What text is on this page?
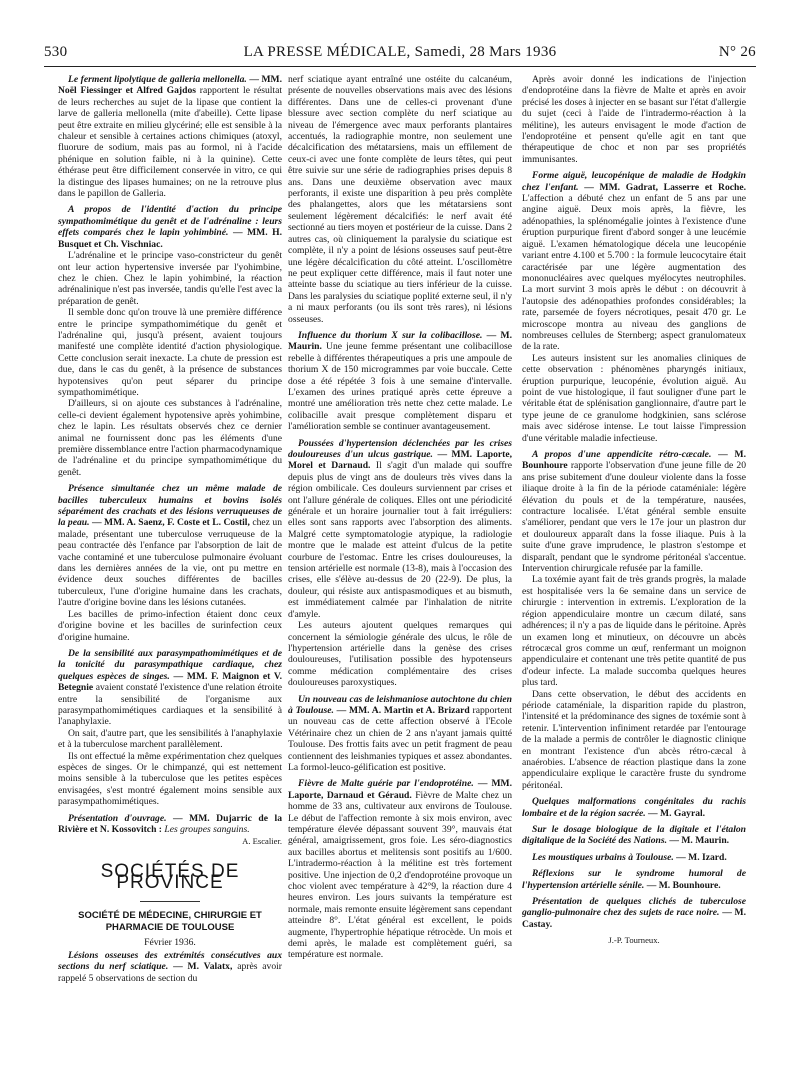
530	LA PRESSE MÉDICALE, Samedi, 28 Mars 1936	N° 26

Le ferment lipolytique de galleria mellonella. — MM. Noël Fiessinger et Alfred Gajdos rapportent le résultat de leurs recherches au sujet de la lipase que contient la larve de galleria mellonella (mite d'abeille). Cette lipase peut être extraite en milieu glycériné; elle est sensible à la chaleur et sensible à certaines actions chimiques (atoxyl, fluorure de sodium, mais pas au formol, ni à l'acide phénique en solution faible, ni à la quinine). Cette éthérase peut être difficilement conservée in vitro, ce qui la distingue des lipases humaines; on ne la retrouve plus dans le papillon de Galleria.

A propos de l'identité d'action du principe sympathomimétique du genêt et de l'adrénaline : leurs effets comparés chez le lapin yohimbiné. — MM. H. Busquet et Ch. Vischniac.

L'adrénaline et le principe vaso-constricteur du genêt ont leur action hypertensive inversée par l'yohimbine, chez le chien. Chez le lapin yohimbiné, la réaction adrénalinique n'est pas inversée, tandis qu'elle l'est avec la préparation de genêt.

Il semble donc qu'on trouve là une première différence entre le principe sympathomimétique du genêt et l'adrénaline qui, jusqu'à présent, avaient toujours manifesté une complète identité d'action physiologique. Cette conclusion serait inexacte. La chute de pression est due, dans le cas du genêt, à la présence de substances hypotensives qu'on peut séparer du principe sympathomimétique.

D'ailleurs, si on ajoute ces substances à l'adrénaline, celle-ci devient également hypotensive après yohimbine, chez le lapin. Les résultats observés chez ce dernier animal ne fournissent donc pas les éléments d'une première dissemblance entre l'action pharmacodynamique de l'adrénaline et du principe sympathomimétique du genêt.

Présence simultanée chez un même malade de bacilles tuberculeux humains et bovins isolés séparément des crachats et des lésions verruqueuses de la peau. — MM. A. Saenz, F. Coste et L. Costil, chez un malade, présentant une tuberculose verruqueuse de la peau contractée dès l'enfance par l'absorption de lait de vache contaminé et une tuberculose pulmonaire évoluant dans les dernières années de la vie, ont pu mettre en évidence deux souches différentes de bacilles tuberculeux, l'une d'origine humaine dans les crachats, l'autre d'origine bovine dans les lésions cutanées.

Les bacilles de primo-infection étaient donc ceux d'origine bovine et les bacilles de surinfection ceux d'origine humaine.

De la sensibilité aux parasympathomimétiques et de la tonicité du parasympathique cardiaque, chez quelques espèces de singes. — MM. F. Maignon et V. Betegnie avaient constaté l'existence d'une relation étroite entre la sensibilité de l'organisme aux parasympathomimétiques cardiaques et la sensibilité à l'anaphylaxie.

On sait, d'autre part, que les sensibilités à l'anaphylaxie et à la tuberculose marchent parallèlement.

Ils ont effectué la même expérimentation chez quelques espèces de singes. Or le chimpanzé, qui est nettement moins sensible à la tuberculose que les petites espèces envisagées, s'est montré également moins sensible aux parasympathomimétiques.

Présentation d'ouvrage. — MM. Dujarric de la Rivière et N. Kossovitch : Les groupes sanguins.

A. Escalier.
SOCIÉTÉS DE PROVINCE
SOCIÉTÉ DE MÉDECINE, CHIRURGIE ET PHARMACIE DE TOULOUSE
Février 1936.

Lésions osseuses des extrémités consécutives aux sections du nerf sciatique. — M. Valatx, après avoir rappelé 5 observations de section du

nerf sciatique ayant entraîné une ostéite du calcanéum, présente de nouvelles observations mais avec des lésions différentes. Dans une de celles-ci provenant d'une blessure avec section complète du nerf sciatique au niveau de l'émergence avec maux perforants plantaires accentués, la radiographie montre, non seulement une décalcification des métatarsiens, mais un effilement de ceux-ci avec une fonte complète de leurs têtes, qui peut être suivie sur une série de radiographies prises depuis 8 ans. Dans une deuxième observation avec maux perforants, il existe une disparition à peu près complète des phalangettes, alors que les métatarsiens sont seulement légèrement décalcifiés: le nerf avait été sectionné au tiers moyen et postérieur de la cuisse. Dans 2 autres cas, où cliniquement la paralysie du sciatique est complète, il n'y a point de lésions osseuses sauf peut-être une légère décalcification du côté atteint. L'oscillomètre ne peut expliquer cette différence, mais il faut noter une atteinte basse du sciatique au tiers inférieur de la cuisse. Dans les paralysies du sciatique poplité externe seul, il n'y a ni maux perforants (ou ils sont très rares), ni lésions osseuses.

Influence du thorium X sur la colibacillose. — M. Maurin. Une jeune femme présentant une colibacillose rebelle à différentes thérapeutiques a pris une ampoule de thorium X de 150 microgrammes par voie buccale. Cette dose a été répétée 3 fois à une semaine d'intervalle. L'examen des urines pratiqué après cette épreuve a montré une amélioration très nette chez cette malade. Le colibacille avait presque complètement disparu et l'amélioration semble se continuer avantageusement.

Poussées d'hypertension déclenchées par les crises douloureuses d'un ulcus gastrique. — MM. Laporte, Morel et Darnaud. Il s'agit d'un malade qui souffre depuis plus de vingt ans de douleurs très vives dans la région ombilicale. Ces douleurs surviennent par crises et ont l'allure générale de coliques. Elles ont une périodicité générale et un horaire journalier tout à fait irréguliers: elles sont sans rapports avec l'absorption des aliments. Malgré cette symptomatologie atypique, la radiologie montre que le malade est atteint d'ulcus de la petite courbure de l'estomac. Entre les crises douloureuses, la tension artérielle est normale (13-8), mais à l'occasion des crises, elle s'élève au-dessus de 20 (22-9). De plus, la douleur, qui résiste aux antispasmodiques et au bismuth, est immédiatement calmée par l'inhalation de nitrite d'amyle.

Les auteurs ajoutent quelques remarques qui concernent la sémiologie générale des ulcus, le rôle de l'hypertension artérielle dans la genèse des crises douloureuses, l'utilisation possible des hypotenseurs comme médication complémentaire des crises douloureuses paroxystiques.

Un nouveau cas de leishmaniose autochtone du chien à Toulouse. — MM. A. Martin et A. Brizard rapportent un nouveau cas de cette affection observé à l'Ecole Vétérinaire chez un chien de 2 ans n'ayant jamais quitté Toulouse. Des frottis faits avec un petit fragment de peau contiennent des leishmanies typiques et assez abondantes. La formol-leuco-gélification est positive.

Fièvre de Malte guérie par l'endoprotéine. — MM. Laporte, Darnaud et Géraud. Fièvre de Malte chez un homme de 33 ans, cultivateur aux environs de Toulouse. Le début de l'affection remonte à six mois environ, avec température élevée dépassant souvent 39°, mauvais état général, amaigrissement, gros foie. Les séro-diagnostics aux bacilles abortus et melitensis sont positifs au 1/600. L'intradermo-réaction à la mélitine est très fortement positive. Une injection de 0,2 d'endoprotéine provoque un choc violent avec température à 42°9, la réaction dure 4 heures environ. Les jours suivants la température est normale, mais remonte ensuite légèrement sans cependant atteindre 8°. L'état général est excellent, le poids augmente, l'hypertrophie hépatique rétrocède. Un mois et demi après, le malade est complètement guéri, sa température est normale.

Après avoir donné les indications de l'injection d'endoprotéine dans la fièvre de Malte et après en avoir précisé les doses à injecter en se basant sur l'état d'allergie du sujet (ceci à l'aide de l'intradermo-réaction à la mélitine), les auteurs envisagent le mode d'action de l'endoprotéine et pensent qu'elle agit en tant que thérapeutique de choc et non par ses propriétés immunisantes.

Forme aiguë, leucopénique de maladie de Hodgkin chez l'enfant. — MM. Gadrat, Lasserre et Roche. L'affection a débuté chez un enfant de 5 ans par une angine aiguë. Deux mois après, la fièvre, les adénopathies, la splénomégalie jointes à l'existence d'une éruption purpurique firent d'abord songer à une leucémie aiguë. L'examen hématologique décela une leucopénie variant entre 4.100 et 5.700 : la formule leucocytaire était caractérisée par une légère augmentation des mononucléaires avec quelques myélocytes neutrophiles. La mort survint 3 mois après le début : on découvrit à l'autopsie des adénopathies profondes considérables; la rate, parsemée de foyers nécrotiques, pesait 470 gr. Le microscope montra au niveau des ganglions de nombreuses cellules de Sternberg; aspect granulomateux de la rate.

Les auteurs insistent sur les anomalies cliniques de cette observation : phénomènes pharyngés initiaux, éruption purpurique, leucopénie, évolution aiguë. Au point de vue histologique, il faut souligner d'une part le véritable état de splénisation ganglionnaire, d'autre part le type jeune de ce granulome hodgkinien, sans sclérose mais avec sidérose intense. Le tout laisse l'impression d'une véritable maladie infectieuse.

A propos d'une appendicite rétro-cæcale. — M. Bounhoure rapporte l'observation d'une jeune fille de 20 ans prise subitement d'une douleur violente dans la fosse iliaque droite à la fin de la période cataméniale: légère élévation du pouls et de la température, nausées, contracture localisée. L'état général semble ensuite s'améliorer, pendant que vers le 17e jour un plastron dur et douloureux apparaît dans la fosse iliaque. Puis à la suite d'une grave imprudence, le plastron s'estompe et disparaît, pendant que le syndrome péritonéal s'accentue. Intervention chirurgicale refusée par la famille.

La toxémie ayant fait de très grands progrès, la malade est hospitalisée vers la 6e semaine dans un service de chirurgie : intervention in extremis. L'exploration de la région appendiculaire montre un cæcum dilaté, sans adhérences; il n'y a pas de liquide dans le péritoine. Après un examen long et minutieux, on découvre un abcès rétrocæcal gros comme un œuf, renfermant un moignon appendiculaire et contenant une très petite quantité de pus d'odeur infecte. La malade succomba quelques heures plus tard.

Dans cette observation, le début des accidents en période cataméniale, la disparition rapide du plastron, l'intensité et la prédominance des signes de toxémie sont à retenir. L'intervention infiniment retardée par l'entourage de la malade a permis de contrôler le diagnostic clinique en montrant l'existence d'un abcès rétro-cæcal à anaérobies. L'absence de réaction plastique dans la zone appendiculaire explique le caractère fruste du syndrome péritonéal.

Quelques malformations congénitales du rachis lombaire et de la région sacrée. — M. Gayral.

Sur le dosage biologique de la digitale et l'étalon digitalique de la Société des Nations. — M. Maurin.

Les moustiques urbains à Toulouse. — M. Izard.

Réflexions sur le syndrome humoral de l'hypertension artérielle sénile. — M. Bounhoure.

Présentation de quelques clichés de tuberculose ganglio-pulmonaire chez des sujets de race noire. — M. Castay.

J.-P. Tourneux.
